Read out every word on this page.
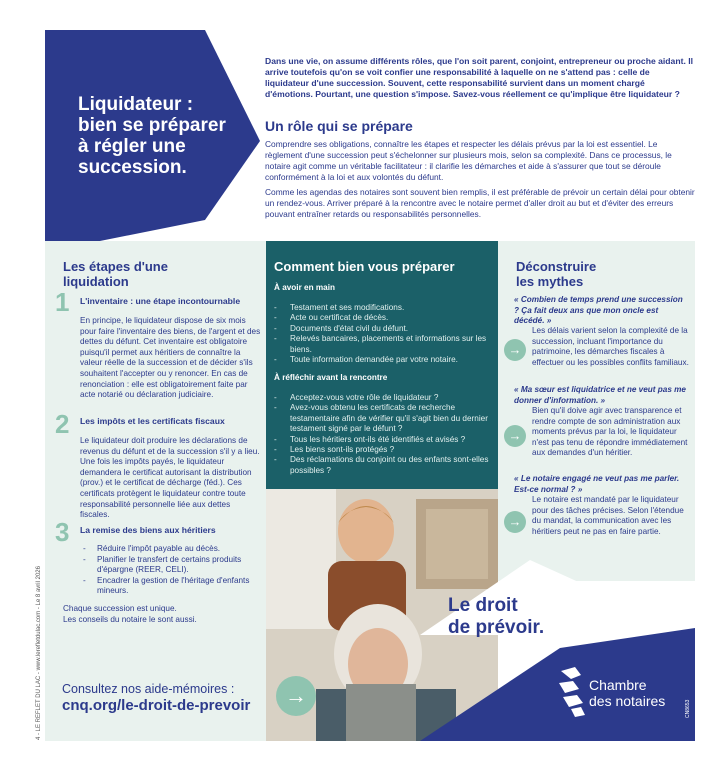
Liquidateur :
bien se préparer
à régler une
succession.
Dans une vie, on assume différents rôles, que l'on soit parent, conjoint, entrepreneur ou proche aidant. Il arrive toutefois qu'on se voit confier une responsabilité à laquelle on ne s'attend pas : celle de liquidateur d'une succession. Souvent, cette responsabilité survient dans un moment chargé d'émotions. Pourtant, une question s'impose. Savez-vous réellement ce qu'implique être liquidateur ?
Un rôle qui se prépare
Comprendre ses obligations, connaître les étapes et respecter les délais prévus par la loi est essentiel. Le règlement d'une succession peut s'échelonner sur plusieurs mois, selon sa complexité. Dans ce processus, le notaire agit comme un véritable facilitateur : il clarifie les démarches et aide à s'assurer que tout se déroule conformément à la loi et aux volontés du défunt.
Comme les agendas des notaires sont souvent bien remplis, il est préférable de prévoir un certain délai pour obtenir un rendez-vous. Arriver préparé à la rencontre avec le notaire permet d'aller droit au but et d'éviter des erreurs pouvant entraîner retards ou responsabilités personnelles.
Les étapes d'une
liquidation
1 L'inventaire : une étape incontournable
En principe, le liquidateur dispose de six mois pour faire l'inventaire des biens, de l'argent et des dettes du défunt. Cet inventaire est obligatoire puisqu'il permet aux héritiers de connaître la valeur réelle de la succession et de décider s'ils souhaitent l'accepter ou y renoncer. En cas de renonciation : elle est obligatoirement faite par acte notarié ou déclaration judiciaire.
2 Les impôts et les certificats fiscaux
Le liquidateur doit produire les déclarations de revenus du défunt et de la succession s'il y a lieu. Une fois les impôts payés, le liquidateur demandera le certificat autorisant la distribution (prov.) et le certificat de décharge (féd.). Ces certificats protègent le liquidateur contre toute responsabilité personnelle liée aux dettes fiscales.
3 La remise des biens aux héritiers
- Réduire l'impôt payable au décès.
- Planifier le transfert de certains produits d'épargne (REER, CELI).
- Encadrer la gestion de l'héritage d'enfants mineurs.
Chaque succession est unique.
Les conseils du notaire le sont aussi.
Comment bien vous préparer
À avoir en main
- Testament et ses modifications.
- Acte ou certificat de décès.
- Documents d'état civil du défunt.
- Relevés bancaires, placements et informations sur les biens.
- Toute information demandée par votre notaire.
À réfléchir avant la rencontre
- Acceptez-vous votre rôle de liquidateur ?
- Avez-vous obtenu les certificats de recherche testamentaire afin de vérifier qu'il s'agit bien du dernier testament signé par le défunt ?
- Tous les héritiers ont-ils été identifiés et avisés ?
- Les biens sont-ils protégés ?
- Des réclamations du conjoint ou des enfants sont-elles possibles ?
Déconstruire
les mythes
« Combien de temps prend une succession ? Ça fait deux ans que mon oncle est décédé. »
→
Les délais varient selon la complexité de la succession, incluant l'importance du patrimoine, les démarches fiscales à effectuer ou les possibles conflits familiaux.
« Ma sœur est liquidatrice et ne veut pas me donner d'information. »
→
Bien qu'il doive agir avec transparence et rendre compte de son administration aux moments prévus par la loi, le liquidateur n'est pas tenu de répondre immédiatement aux demandes d'un héritier.
« Le notaire engagé ne veut pas me parler. Est-ce normal ? »
→
Le notaire est mandaté par le liquidateur pour des tâches précises. Selon l'étendue du mandat, la communication avec les héritiers peut ne pas en faire partie.
Le droit
de prévoir.
Chambre
des notaires	CN8653
Consultez nos aide-mémoires :
cnq.org/le-droit-de-prevoir	→
4 - LE REFLET DU LAC - www.lerefletdulac.com - Le 8 avril 2026
